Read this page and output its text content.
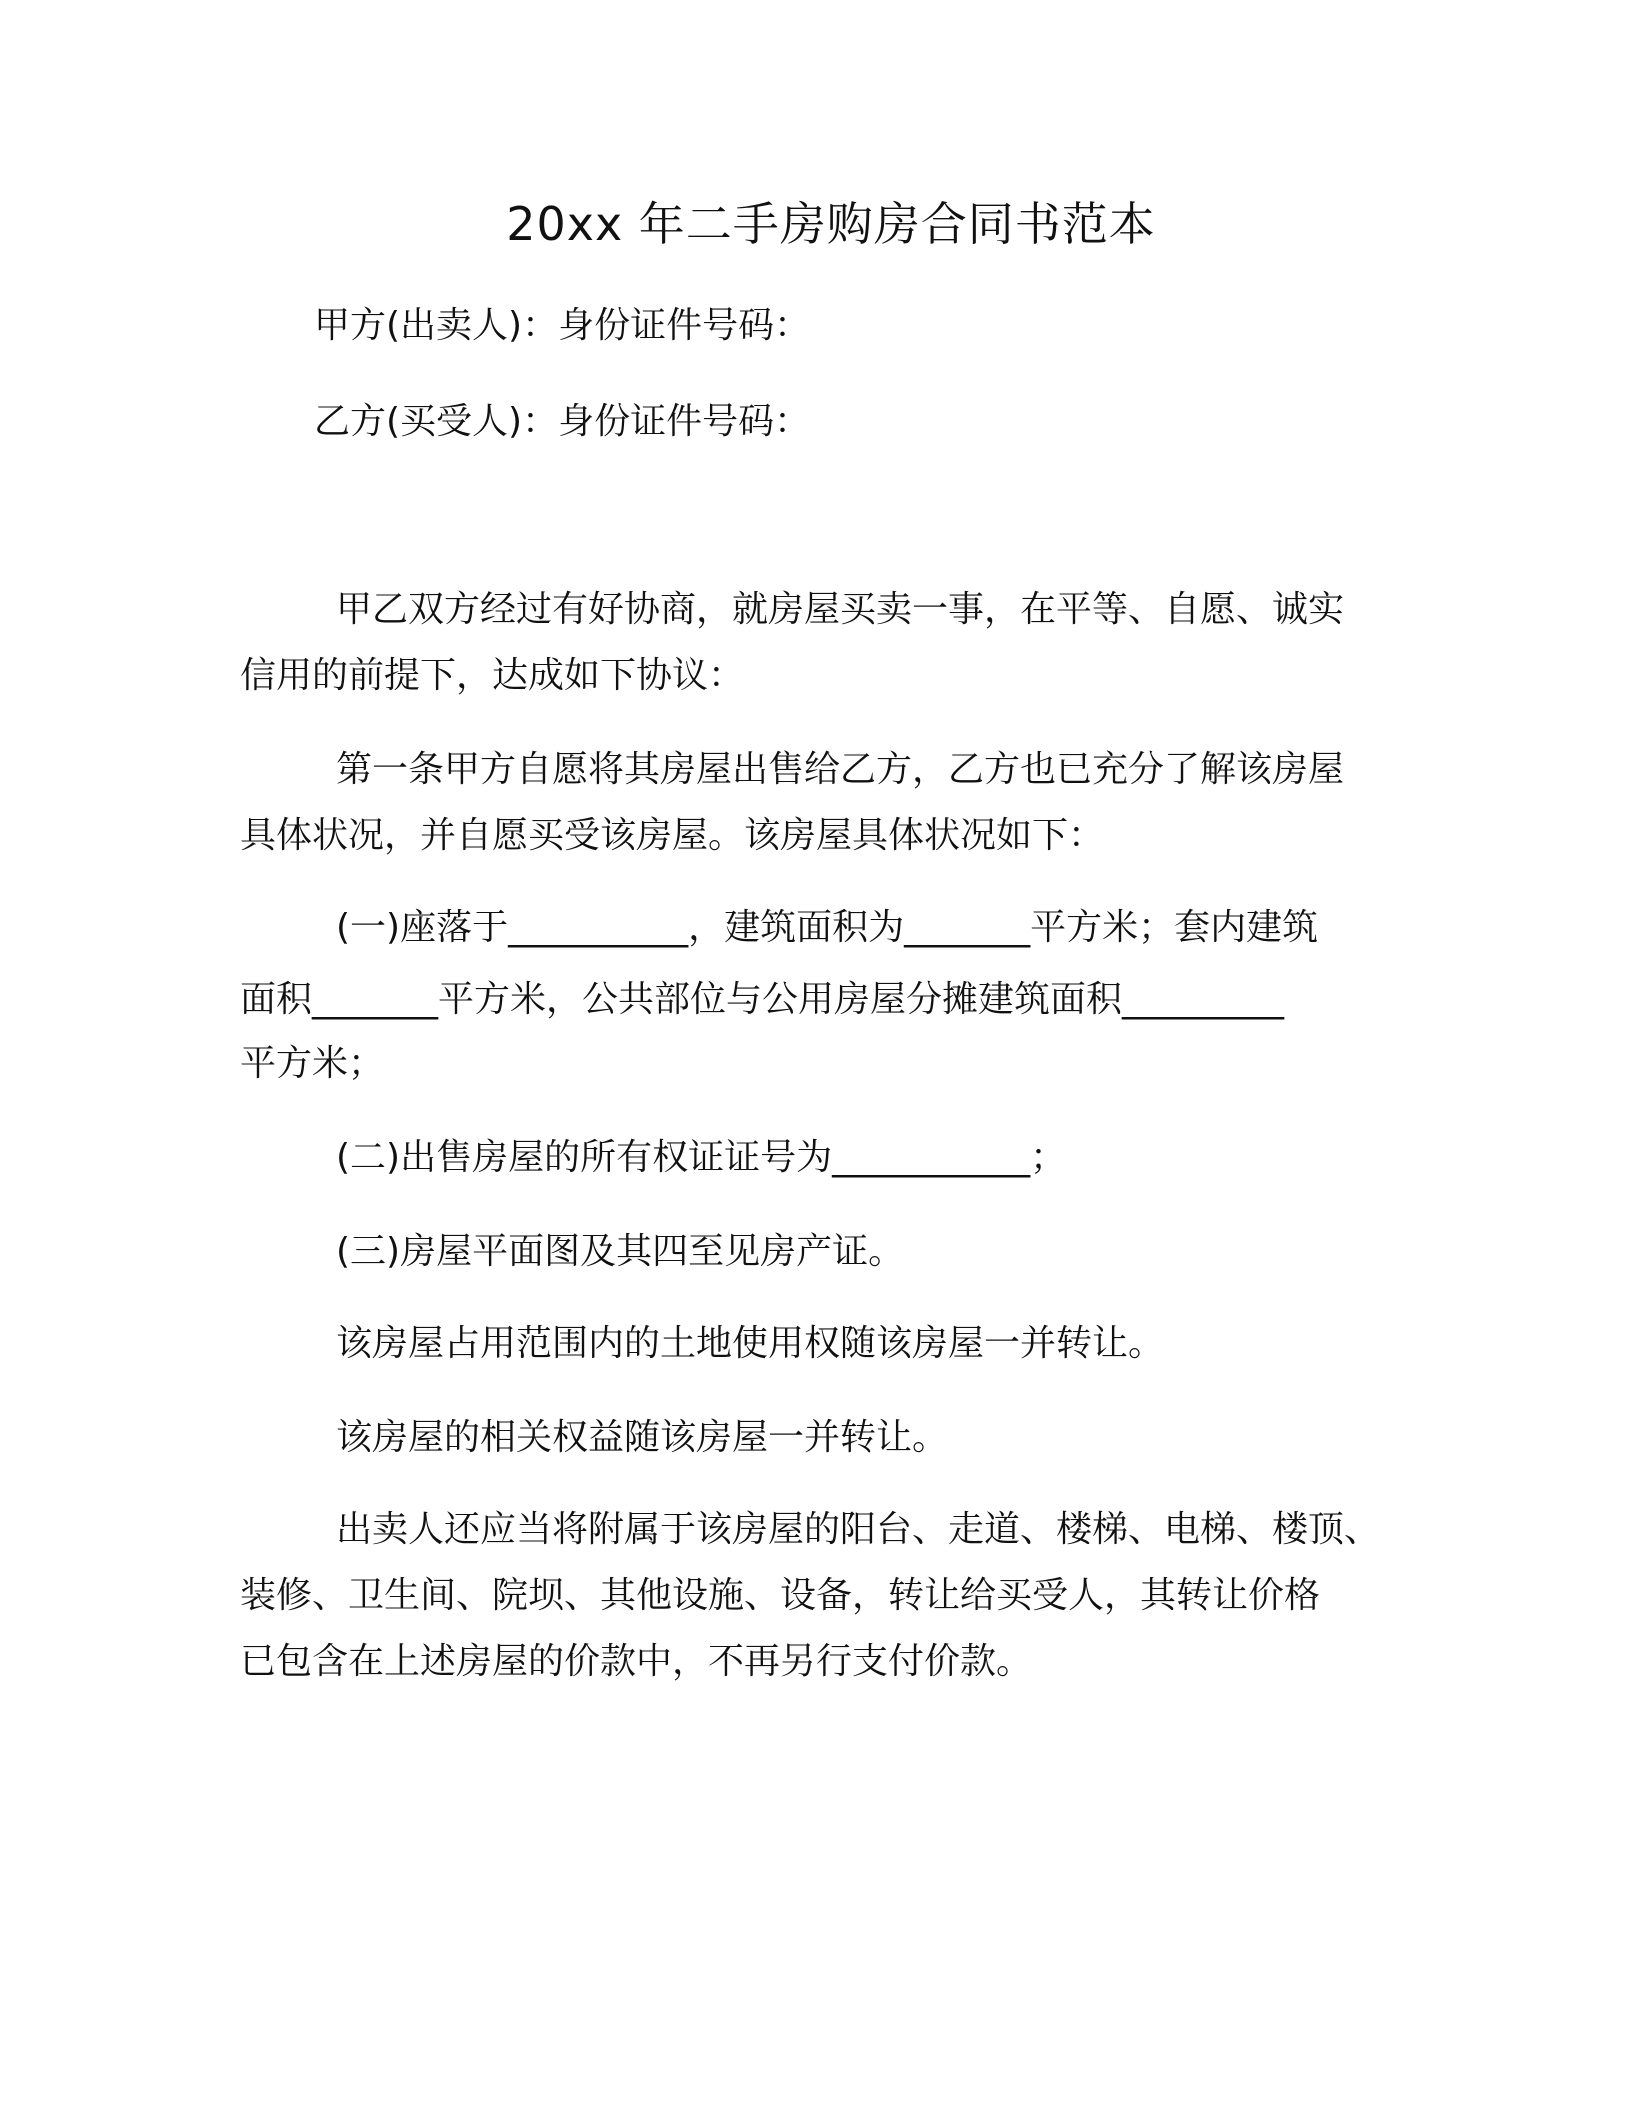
20xx 年二手房购房合同书范本
甲方(出卖人)：身份证件号码：
乙方(买受人)：身份证件号码：
甲乙双方经过有好协商，就房屋买卖一事，在平等、自愿、诚实
信用的前提下，达成如下协议：
第一条甲方自愿将其房屋出售给乙方，乙方也已充分了解该房屋
具体状况，并自愿买受该房屋。该房屋具体状况如下：
(一)座落于__________，建筑面积为_______平方米；套内建筑
面积_______平方米，公共部位与公用房屋分摊建筑面积_________
平方米；
(二)出售房屋的所有权证证号为___________；
(三)房屋平面图及其四至见房产证。
该房屋占用范围内的土地使用权随该房屋一并转让。
该房屋的相关权益随该房屋一并转让。
出卖人还应当将附属于该房屋的阳台、走道、楼梯、电梯、楼顶、
装修、卫生间、院坝、其他设施、设备，转让给买受人，其转让价格
已包含在上述房屋的价款中，不再另行支付价款。
